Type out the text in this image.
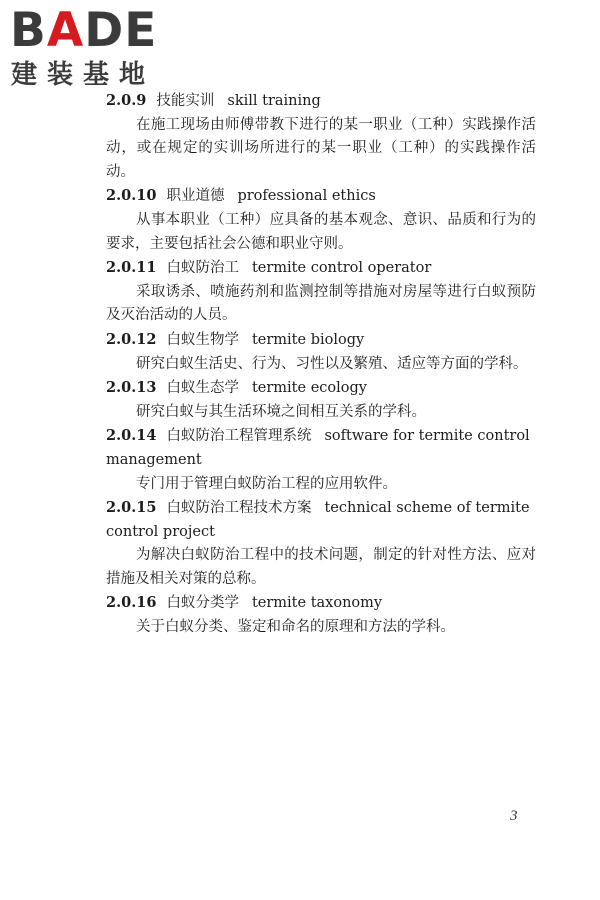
BADE
建装基地
2.0.9 技能实训 skill training

在施工现场由师傅带教下进行的某一职业（工种）实践操作活动，或在规定的实训场所进行的某一职业（工种）的实践操作活动。

2.0.10 职业道德 professional ethics

从事本职业（工种）应具备的基本观念、意识、品质和行为的要求，主要包括社会公德和职业守则。

2.0.11 白蚁防治工 termite control operator

采取诱杀、喷施药剂和监测控制等措施对房屋等进行白蚁预防及灭治活动的人员。

2.0.12 白蚁生物学 termite biology

研究白蚁生活史、行为、习性以及繁殖、适应等方面的学科。

2.0.13 白蚁生态学 termite ecology

研究白蚁与其生活环境之间相互关系的学科。

2.0.14 白蚁防治工程管理系统 software for termite control management

专门用于管理白蚁防治工程的应用软件。

2.0.15 白蚁防治工程技术方案 technical scheme of termite control project

为解决白蚁防治工程中的技术问题，制定的针对性方法、应对措施及相关对策的总称。

2.0.16 白蚁分类学 termite taxonomy

关于白蚁分类、鉴定和命名的原理和方法的学科。

3
